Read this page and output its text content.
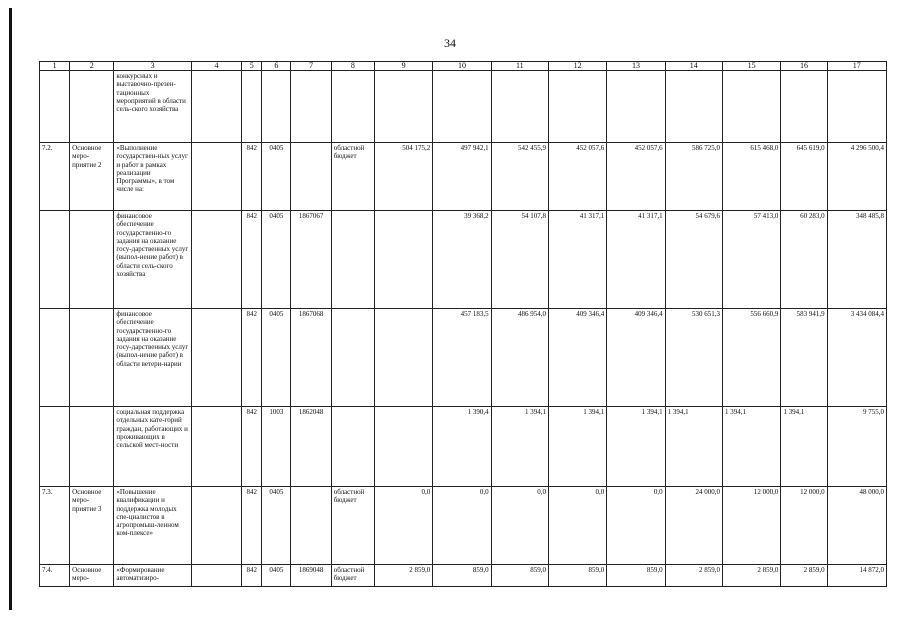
34
1	2	3	4	5	6	7	8	9	10	11	12	13	14	15	16	17
		конкурсных и выставочно-презен-тационных мероприятий в области сель-ского хозяйства														
7.2.	Основное меро-приятие 2	«Выполнение государствен-ных услуг и работ в рамках реализации Программы», в том числе на:		842	0405		областной бюджет	504 175,2	497 942,1	542 455,9	452 057,6	452 057,6	586 725,0	615 468,0	645 619,0	4 296 500,4
		финансовое обеспечение государственно-го задания на оказание госу-дарственных услуг (выпол-нение работ) в области сель-ского хозяйства		842	0405	1867067			39 368,2	54 107,8	41 317,1	41 317,1	54 679,6	57 413,0	60 283,0	348 485,8
		финансовое обеспечение государственно-го задания на оказание госу-дарственных услуг (выпол-нение работ) в области ветери-нарии		842	0405	1867068			457 183,5	486 954,0	409 346,4	409 346,4	530 651,3	556 660,9	583 941,9	3 434 084,4
		социальная поддержка отдельных кате-горий граждан, работающих и проживающих в сельской мест-ности		842	1003	1862048			1 390,4	1 394,1	1 394,1	1 394,1	1 394,1	1 394,1	1 394,1	9 755,0
7.3.	Основное меро-приятие 3	«Повышение квалификации и поддержка молодых спе-циалистов в агропромыш-ленном ком-плексе»		842	0405		областной бюджет	0,0	0,0	0,0	0,0	0,0	24 000,0	12 000,0	12 000,0	48 000,0
7.4.	Основное меро-	«Формирование автоматизиро-		842	0405	1869048	областной бюджет	2 859,0	859,0	859,0	859,0	859,0	2 859,0	2 859,0	2 859,0	14 872,0
